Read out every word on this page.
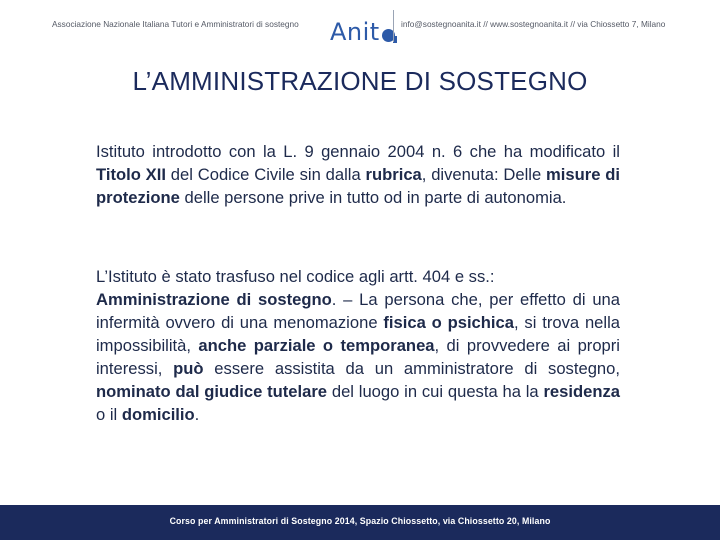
Associazione Nazionale Italiana Tutori e Amministratori di sostegno Anit	info@sostegnoanita.it // www.sostegnoanita.it // via Chiossetto 7, Milano
L’AMMINISTRAZIONE DI SOSTEGNO
Istituto introdotto con la L. 9 gennaio 2004 n. 6 che ha modificato il Titolo XII del Codice Civile sin dalla rubrica, divenuta: Delle misure di protezione delle persone prive in tutto od in parte di autonomia.
L’Istituto è stato trasfuso nel codice agli artt. 404 e ss.:
Amministrazione di sostegno. – La persona che, per effetto di una infermità ovvero di una menomazione fisica o psichica, si trova nella impossibilità, anche parziale o temporanea, di provvedere ai propri interessi, può essere assistita da un amministratore di sostegno, nominato dal giudice tutelare del luogo in cui questa ha la residenza o il domicilio.
Corso per Amministratori di Sostegno 2014, Spazio Chiossetto, via Chiossetto 20, Milano
